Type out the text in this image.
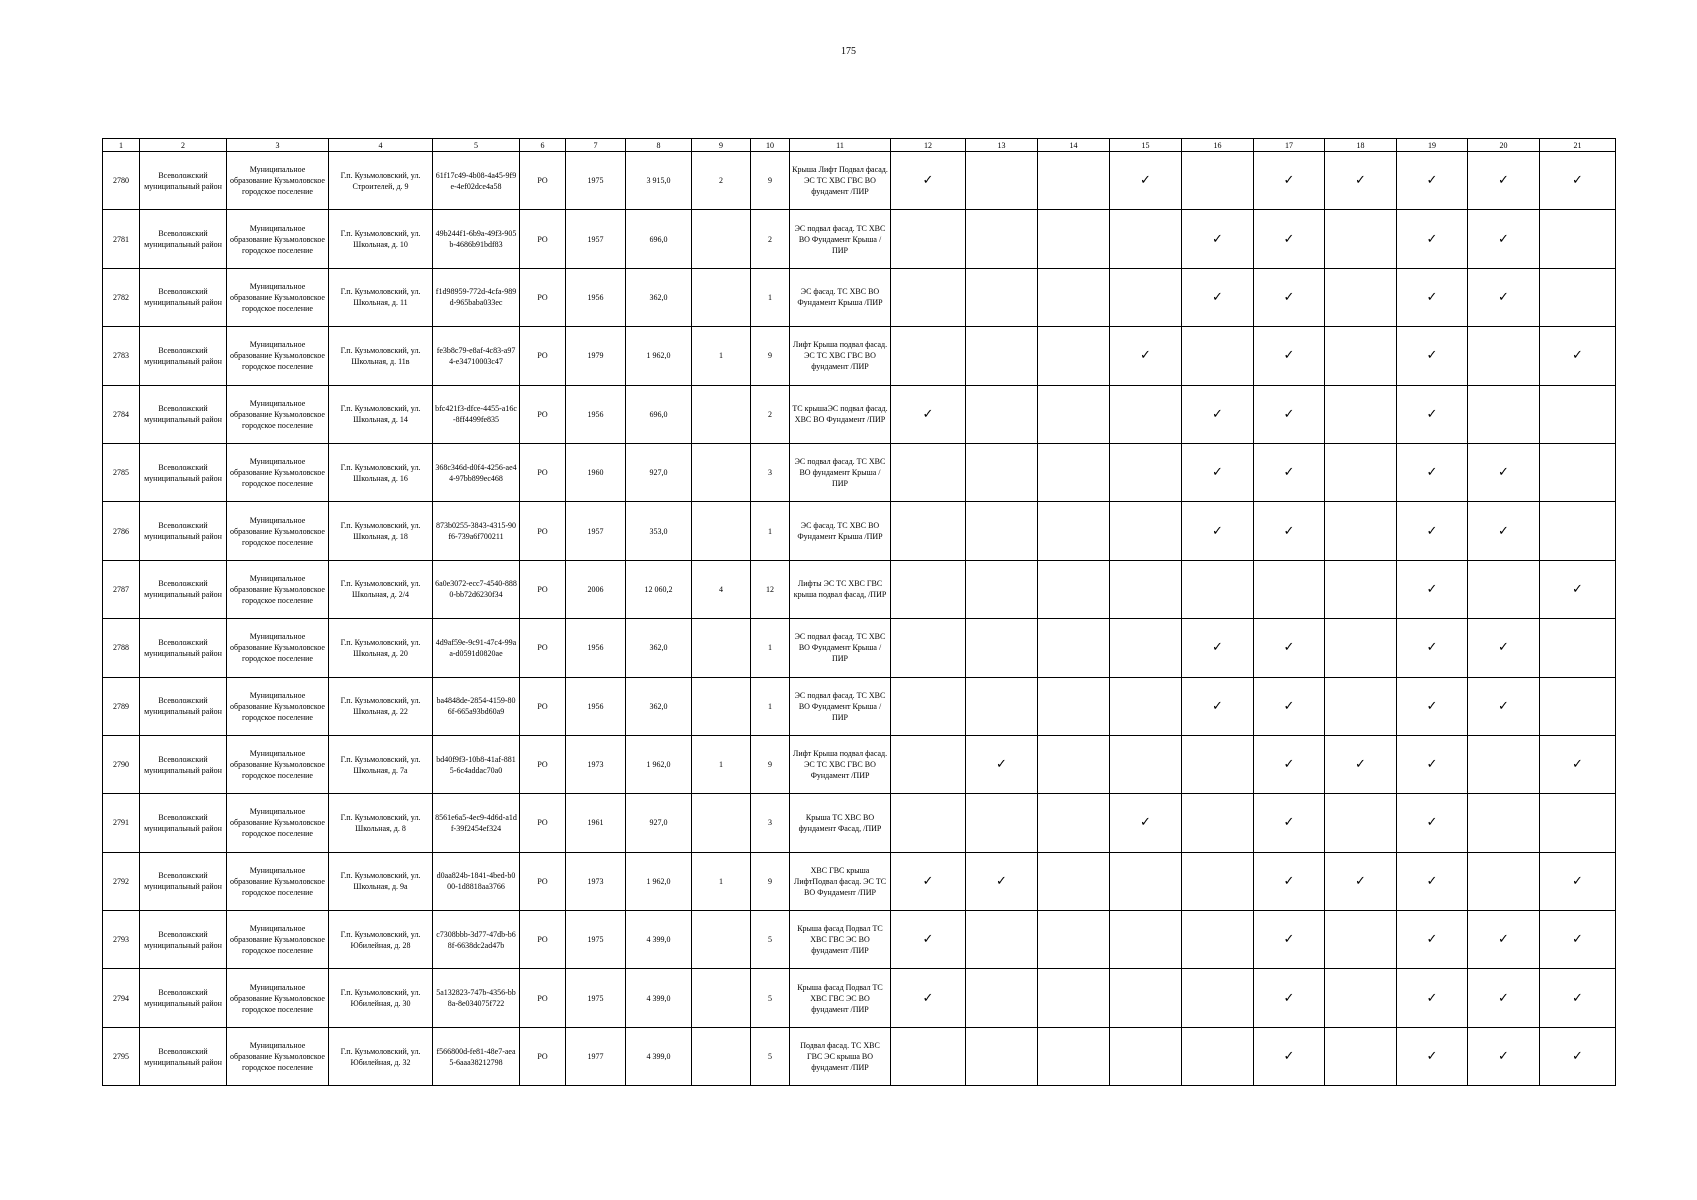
175
1	2	3	4	5	6	7	8	9	10	11	12	13	14	15	16	17	18	19	20	21
2780	Всеволожский муниципальный район	Муниципальное образование Кузьмоловское городское поселение	Г.п. Кузьмоловский, ул. Строителей, д. 9	61f17c49-4b08-4a45-9f9e-4ef02dce4a58	РО	1975	3 915,0	2	9	Крыша Лифт Подвал фасад. ЭС ТС ХВС ГВС ВО фундамент /ПИР	✓			✓		✓	✓	✓	✓	✓
2781	Всеволожский муниципальный район	Муниципальное образование Кузьмоловское городское поселение	Г.п. Кузьмоловский, ул. Школьная, д. 10	49b244f1-6b9a-49f3-905b-4686b91bdf83	РО	1957	696,0		2	ЭС подвал фасад. ТС ХВС ВО Фундамент Крыша /ПИР					✓	✓		✓	✓	
2782	Всеволожский муниципальный район	Муниципальное образование Кузьмоловское городское поселение	Г.п. Кузьмоловский, ул. Школьная, д. 11	f1d98959-772d-4cfa-989d-965baba033ec	РО	1956	362,0		1	ЭС фасад. ТС ХВС ВО Фундамент Крыша /ПИР					✓	✓		✓	✓	
2783	Всеволожский муниципальный район	Муниципальное образование Кузьмоловское городское поселение	Г.п. Кузьмоловский, ул. Школьная, д. 11в	fe3b8c79-e8af-4c83-a974-e34710003c47	РО	1979	1 962,0	1	9	Лифт Крыша подвал фасад. ЭС ТС ХВС ГВС ВО фундамент /ПИР				✓		✓		✓		✓
2784	Всеволожский муниципальный район	Муниципальное образование Кузьмоловское городское поселение	Г.п. Кузьмоловский, ул. Школьная, д. 14	bfc421f3-dfce-4455-a16c-8ff4499fe835	РО	1956	696,0		2	ТС крышаЭС подвал фасад. ХВС ВО Фундамент /ПИР	✓				✓	✓		✓		
2785	Всеволожский муниципальный район	Муниципальное образование Кузьмоловское городское поселение	Г.п. Кузьмоловский, ул. Школьная, д. 16	368c346d-d0f4-4256-ae44-97bb899ec468	РО	1960	927,0		3	ЭС подвал фасад. ТС ХВС ВО фундамент Крыша /ПИР					✓	✓		✓	✓	
2786	Всеволожский муниципальный район	Муниципальное образование Кузьмоловское городское поселение	Г.п. Кузьмоловский, ул. Школьная, д. 18	873b0255-3843-4315-90f6-739a6f700211	РО	1957	353,0		1	ЭС фасад. ТС ХВС ВО Фундамент Крыша /ПИР					✓	✓		✓	✓	
2787	Всеволожский муниципальный район	Муниципальное образование Кузьмоловское городское поселение	Г.п. Кузьмоловский, ул. Школьная, д. 2/4	6a0e3072-ecc7-4540-8880-bb72d6230f34	РО	2006	12 060,2	4	12	Лифты ЭС ТС ХВС ГВС крыша подвал фасад, /ПИР								✓		✓
2788	Всеволожский муниципальный район	Муниципальное образование Кузьмоловское городское поселение	Г.п. Кузьмоловский, ул. Школьная, д. 20	4d9af59e-9c91-47c4-99aa-d0591d0820ae	РО	1956	362,0		1	ЭС подвал фасад. ТС ХВС ВО Фундамент Крыша /ПИР					✓	✓		✓	✓	
2789	Всеволожский муниципальный район	Муниципальное образование Кузьмоловское городское поселение	Г.п. Кузьмоловский, ул. Школьная, д. 22	ba4848de-2854-4159-806f-665a93bd60a9	РО	1956	362,0		1	ЭС подвал фасад. ТС ХВС ВО Фундамент Крыша /ПИР					✓	✓		✓	✓	
2790	Всеволожский муниципальный район	Муниципальное образование Кузьмоловское городское поселение	Г.п. Кузьмоловский, ул. Школьная, д. 7а	bd40f9f3-10b8-41af-8815-6c4addac70a0	РО	1973	1 962,0	1	9	Лифт Крыша подвал фасад. ЭС ТС ХВС ГВС ВО Фундамент /ПИР		✓				✓	✓	✓		✓
2791	Всеволожский муниципальный район	Муниципальное образование Кузьмоловское городское поселение	Г.п. Кузьмоловский, ул. Школьная, д. 8	8561e6a5-4ec9-4d6d-a1df-39f2454ef324	РО	1961	927,0		3	Крыша ТС ХВС ВО фундамент Фасад, /ПИР				✓		✓		✓		
2792	Всеволожский муниципальный район	Муниципальное образование Кузьмоловское городское поселение	Г.п. Кузьмоловский, ул. Школьная, д. 9а	d0aa824b-1841-4bed-b000-1d8818aa3766	РО	1973	1 962,0	1	9	ХВС ГВС крыша ЛифтПодвал фасад. ЭС ТС ВО Фундамент /ПИР	✓	✓				✓	✓	✓		✓
2793	Всеволожский муниципальный район	Муниципальное образование Кузьмоловское городское поселение	Г.п. Кузьмоловский, ул. Юбилейная, д. 28	c7308bbb-3d77-47db-b68f-6638dc2ad47b	РО	1975	4 399,0		5	Крыша фасад Подвал ТС ХВС ГВС ЭС ВО фундамент /ПИР	✓					✓		✓	✓	✓
2794	Всеволожский муниципальный район	Муниципальное образование Кузьмоловское городское поселение	Г.п. Кузьмоловский, ул. Юбилейная, д. 30	5a132823-747b-4356-bb8a-8e034075f722	РО	1975	4 399,0		5	Крыша фасад Подвал ТС ХВС ГВС ЭС ВО фундамент /ПИР	✓					✓		✓	✓	✓
2795	Всеволожский муниципальный район	Муниципальное образование Кузьмоловское городское поселение	Г.п. Кузьмоловский, ул. Юбилейная, д. 32	f566800d-fe81-48e7-aea5-6aaa38212798	РО	1977	4 399,0		5	Подвал фасад. ТС ХВС ГВС ЭС крыша ВО фундамент /ПИР						✓		✓	✓	✓
